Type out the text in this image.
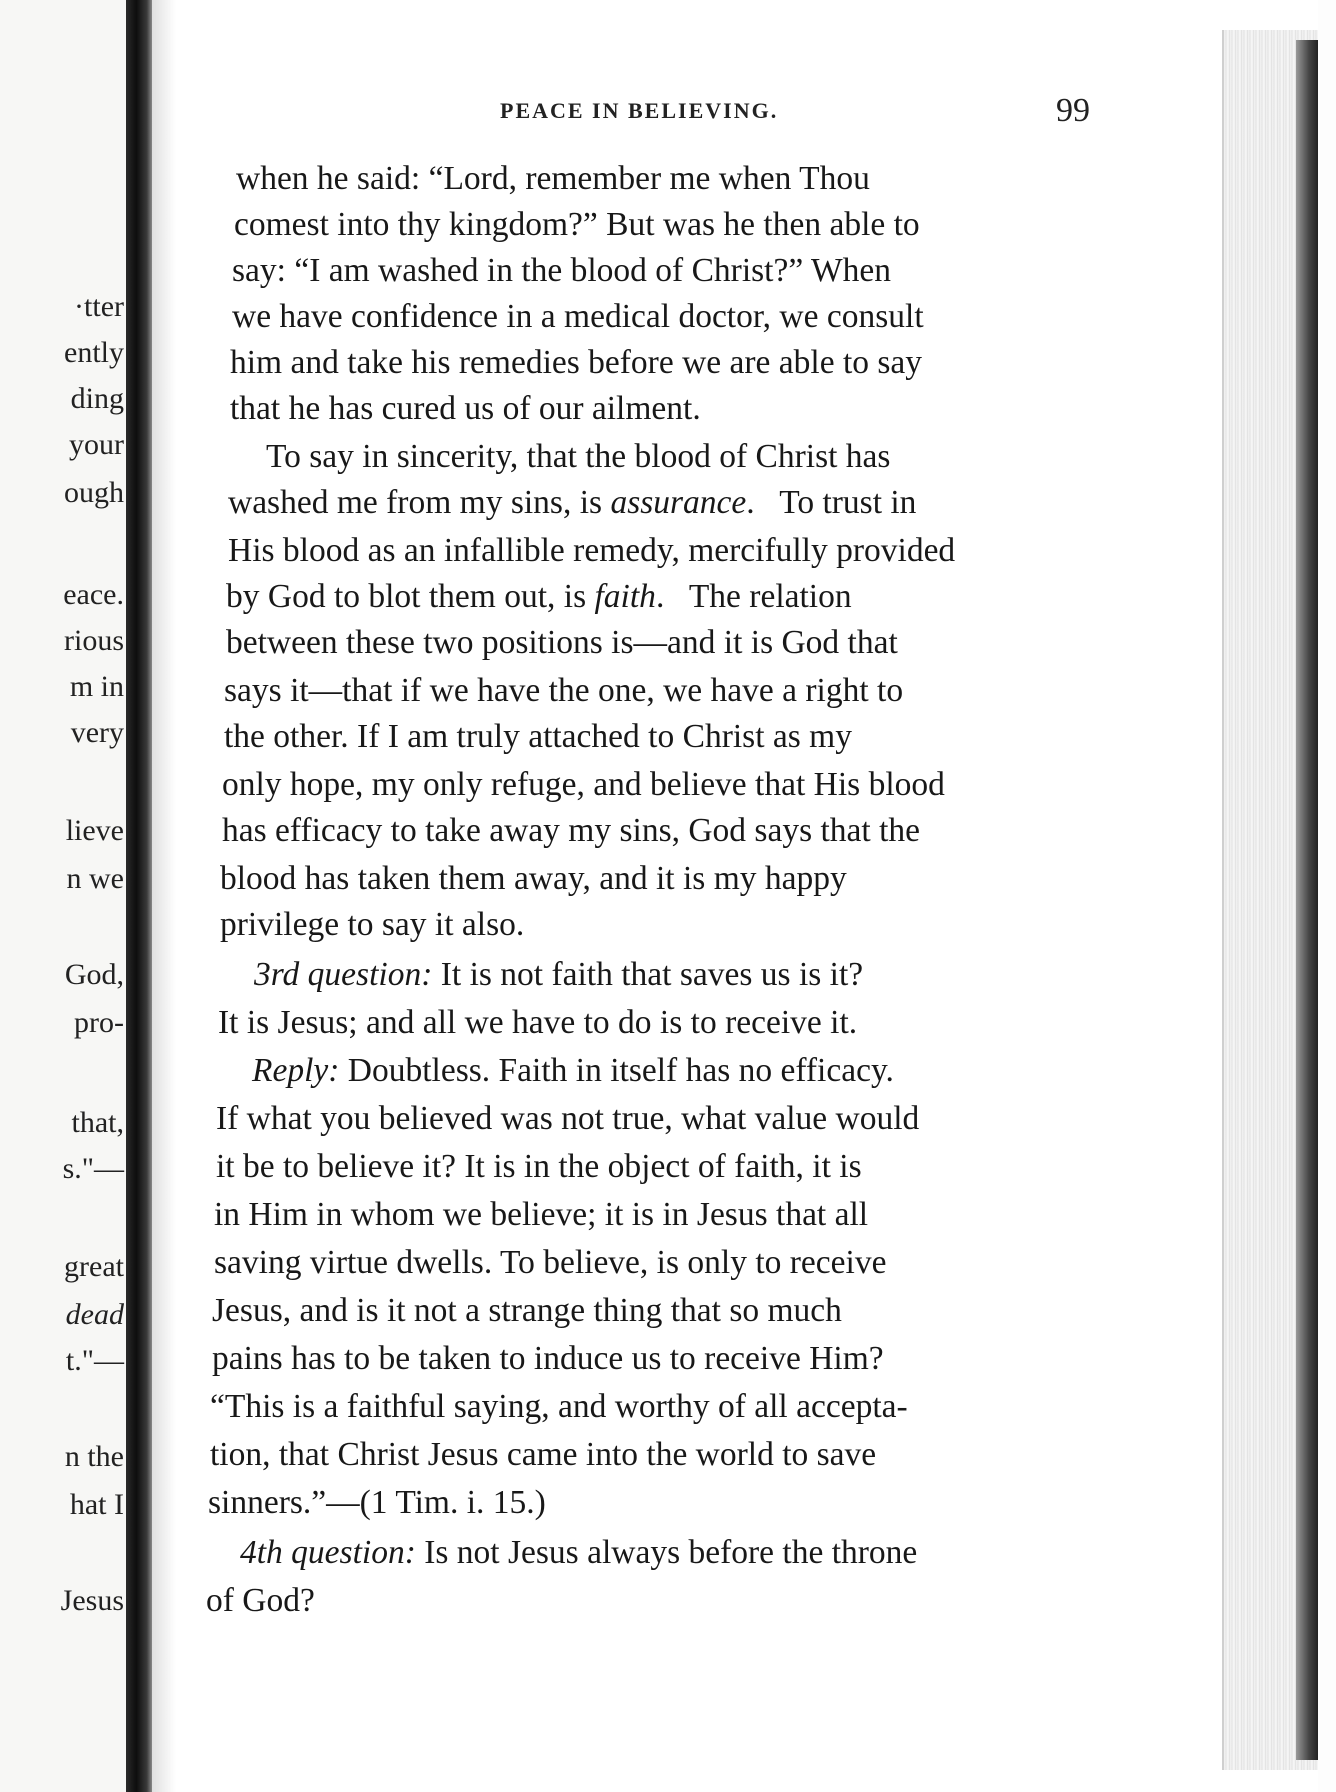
·tter
ently
ding
your
ough
eace.
rious
m in
very
lieve
n we
God,
pro-
that,
s."—
great
dead
t."—
n the
hat I
Jesus
PEACE IN BELIEVING.	99
when he said: “Lord, remember me when Thou
comest into thy kingdom?” But was he then able to
say: “I am washed in the blood of Christ?” When
we have confidence in a medical doctor, we consult
him and take his remedies before we are able to say
that he has cured us of our ailment.
To say in sincerity, that the blood of Christ has
washed me from my sins, is assurance.   To trust in
His blood as an infallible remedy, mercifully provided
by God to blot them out, is faith.   The relation
between these two positions is—and it is God that
says it—that if we have the one, we have a right to
the other. If I am truly attached to Christ as my
only hope, my only refuge, and believe that His blood
has efficacy to take away my sins, God says that the
blood has taken them away, and it is my happy
privilege to say it also.
3rd question: It is not faith that saves us is it?
It is Jesus; and all we have to do is to receive it.
Reply: Doubtless. Faith in itself has no efficacy.
If what you believed was not true, what value would
it be to believe it? It is in the object of faith, it is
in Him in whom we believe; it is in Jesus that all
saving virtue dwells. To believe, is only to receive
Jesus, and is it not a strange thing that so much
pains has to be taken to induce us to receive Him?
“This is a faithful saying, and worthy of all accepta-
tion, that Christ Jesus came into the world to save
sinners.”—(1 Tim. i. 15.)
4th question: Is not Jesus always before the throne
of God?
